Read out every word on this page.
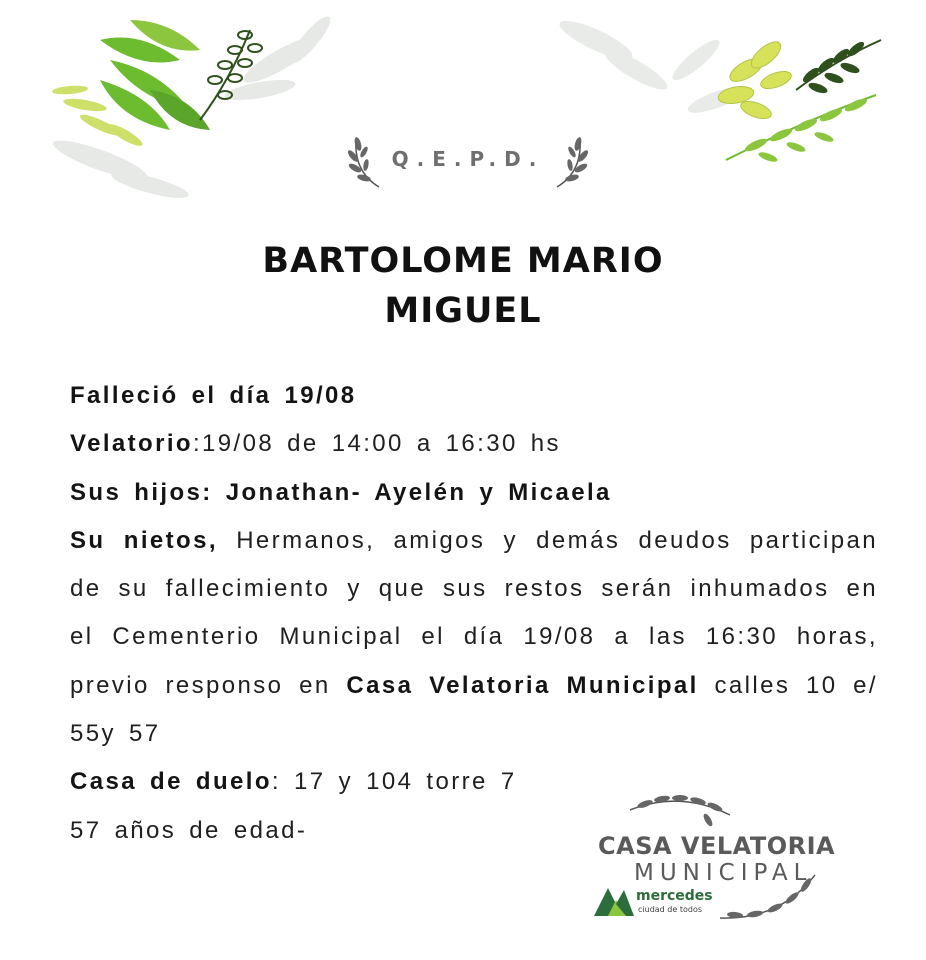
Q.E.P.D.
BARTOLOME MARIO
MIGUEL

Falleció el día 19/08

Velatorio:19/08 de 14:00 a 16:30 hs

Sus hijos: Jonathan- Ayelén y Micaela

Su nietos, Hermanos, amigos y demás deudos participan de su fallecimiento y que sus restos serán inhumados en el Cementerio Municipal el día 19/08 a las 16:30 horas, previo responso en Casa Velatoria Municipal calles 10 e/ 55y 57

Casa de duelo: 17 y 104 torre 7

57 años de edad-

CASA VELATORIA
MUNICIPAL
mercedes
ciudad de todos
